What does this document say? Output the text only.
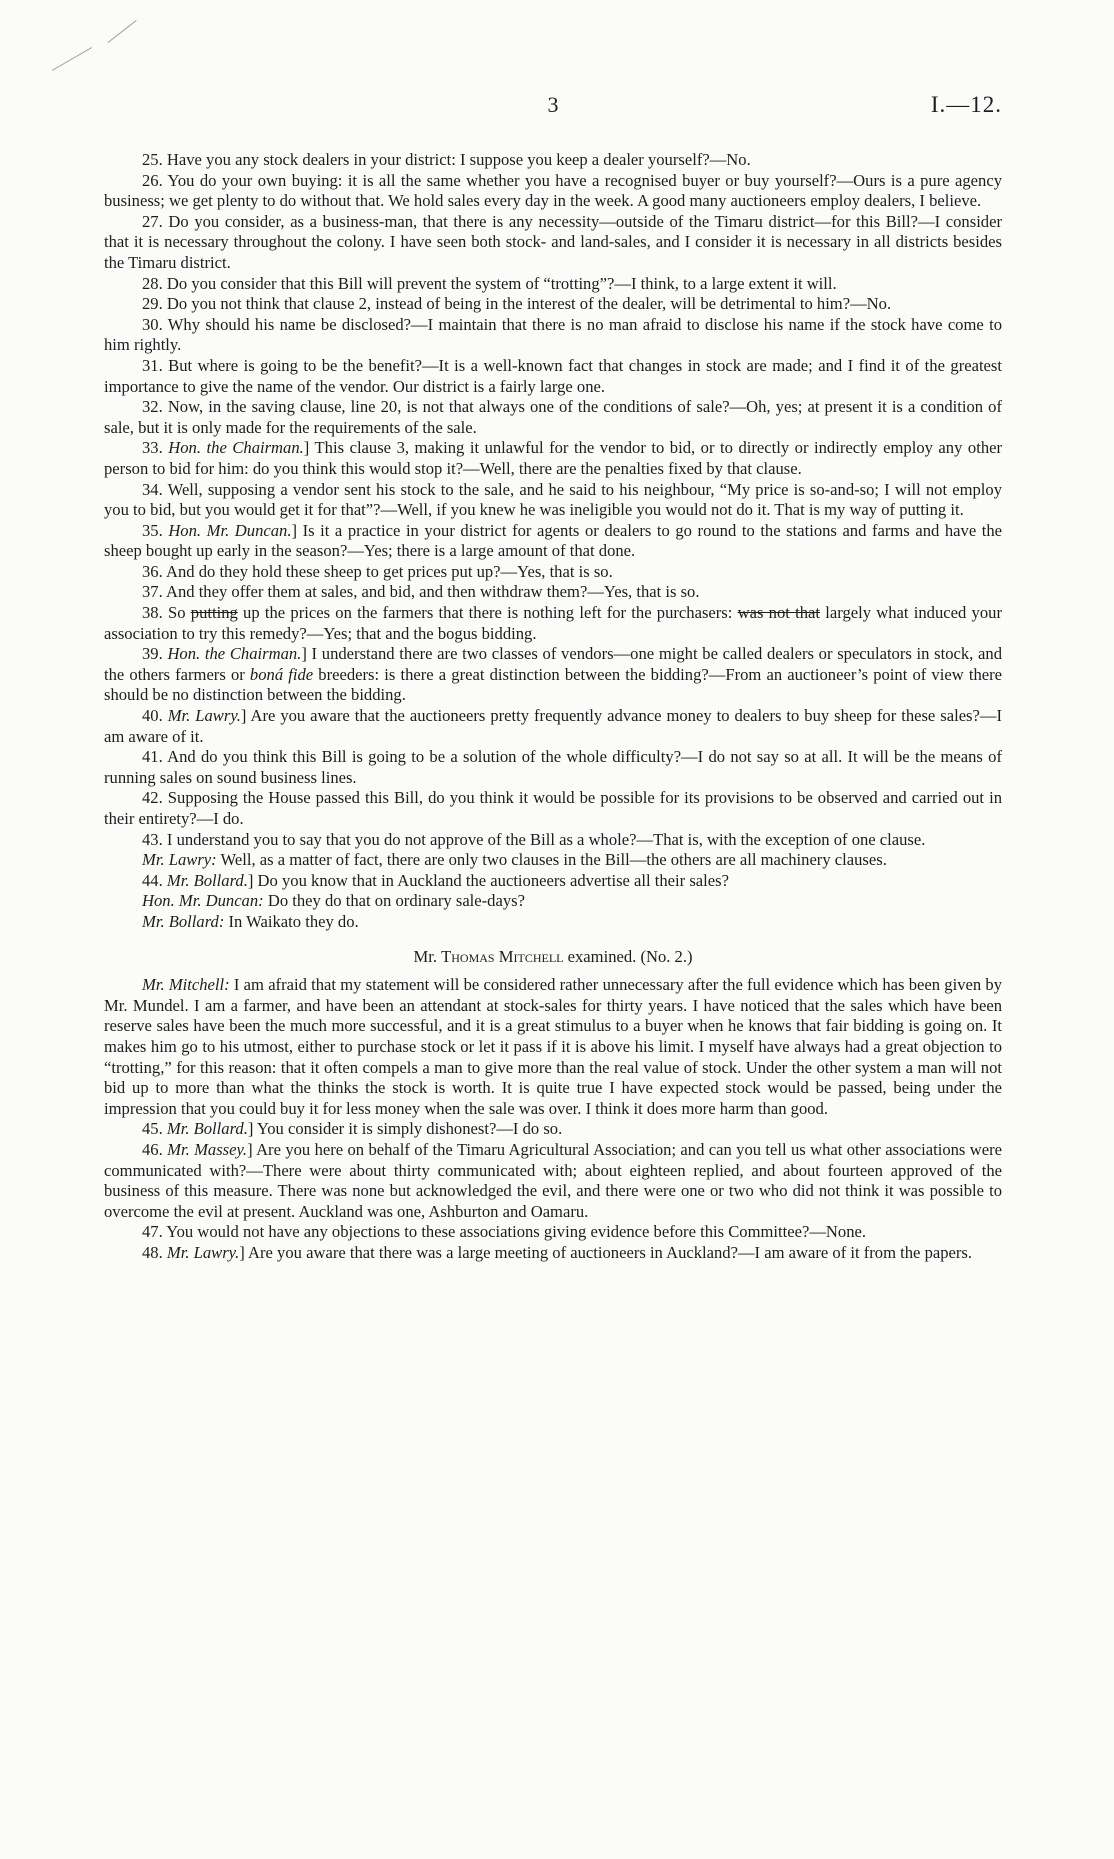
3	I.—12.

25. Have you any stock dealers in your district: I suppose you keep a dealer yourself?—No.

26. You do your own buying: it is all the same whether you have a recognised buyer or buy yourself?—Ours is a pure agency business; we get plenty to do without that. We hold sales every day in the week. A good many auctioneers employ dealers, I believe.

27. Do you consider, as a business-man, that there is any necessity—outside of the Timaru district—for this Bill?—I consider that it is necessary throughout the colony. I have seen both stock- and land-sales, and I consider it is necessary in all districts besides the Timaru district.

28. Do you consider that this Bill will prevent the system of “trotting”?—I think, to a large extent it will.

29. Do you not think that clause 2, instead of being in the interest of the dealer, will be detrimental to him?—No.

30. Why should his name be disclosed?—I maintain that there is no man afraid to disclose his name if the stock have come to him rightly.

31. But where is going to be the benefit?—It is a well-known fact that changes in stock are made; and I find it of the greatest importance to give the name of the vendor. Our district is a fairly large one.

32. Now, in the saving clause, line 20, is not that always one of the conditions of sale?—Oh, yes; at present it is a condition of sale, but it is only made for the requirements of the sale.

33. Hon. the Chairman.] This clause 3, making it unlawful for the vendor to bid, or to directly or indirectly employ any other person to bid for him: do you think this would stop it?—Well, there are the penalties fixed by that clause.

34. Well, supposing a vendor sent his stock to the sale, and he said to his neighbour, “My price is so-and-so; I will not employ you to bid, but you would get it for that”?—Well, if you knew he was ineligible you would not do it. That is my way of putting it.

35. Hon. Mr. Duncan.] Is it a practice in your district for agents or dealers to go round to the stations and farms and have the sheep bought up early in the season?—Yes; there is a large amount of that done.

36. And do they hold these sheep to get prices put up?—Yes, that is so.

37. And they offer them at sales, and bid, and then withdraw them?—Yes, that is so.

38. So putting up the prices on the farmers that there is nothing left for the purchasers: was not that largely what induced your association to try this remedy?—Yes; that and the bogus bidding.

39. Hon. the Chairman.] I understand there are two classes of vendors—one might be called dealers or speculators in stock, and the others farmers or boná fide breeders: is there a great distinction between the bidding?—From an auctioneer’s point of view there should be no distinction between the bidding.

40. Mr. Lawry.] Are you aware that the auctioneers pretty frequently advance money to dealers to buy sheep for these sales?—I am aware of it.

41. And do you think this Bill is going to be a solution of the whole difficulty?—I do not say so at all. It will be the means of running sales on sound business lines.

42. Supposing the House passed this Bill, do you think it would be possible for its provisions to be observed and carried out in their entirety?—I do.

43. I understand you to say that you do not approve of the Bill as a whole?—That is, with the exception of one clause.

Mr. Lawry: Well, as a matter of fact, there are only two clauses in the Bill—the others are all machinery clauses.

44. Mr. Bollard.] Do you know that in Auckland the auctioneers advertise all their sales?

Hon. Mr. Duncan: Do they do that on ordinary sale-days?

Mr. Bollard: In Waikato they do.

Mr. Thomas Mitchell examined. (No. 2.)

Mr. Mitchell: I am afraid that my statement will be considered rather unnecessary after the full evidence which has been given by Mr. Mundel. I am a farmer, and have been an attendant at stock-sales for thirty years. I have noticed that the sales which have been reserve sales have been the much more successful, and it is a great stimulus to a buyer when he knows that fair bidding is going on. It makes him go to his utmost, either to purchase stock or let it pass if it is above his limit. I myself have always had a great objection to “trotting,” for this reason: that it often compels a man to give more than the real value of stock. Under the other system a man will not bid up to more than what the thinks the stock is worth. It is quite true I have expected stock would be passed, being under the impression that you could buy it for less money when the sale was over. I think it does more harm than good.

45. Mr. Bollard.] You consider it is simply dishonest?—I do so.

46. Mr. Massey.] Are you here on behalf of the Timaru Agricultural Association; and can you tell us what other associations were communicated with?—There were about thirty communicated with; about eighteen replied, and about fourteen approved of the business of this measure. There was none but acknowledged the evil, and there were one or two who did not think it was possible to overcome the evil at present. Auckland was one, Ashburton and Oamaru.

47. You would not have any objections to these associations giving evidence before this Committee?—None.

48. Mr. Lawry.] Are you aware that there was a large meeting of auctioneers in Auckland?—I am aware of it from the papers.
